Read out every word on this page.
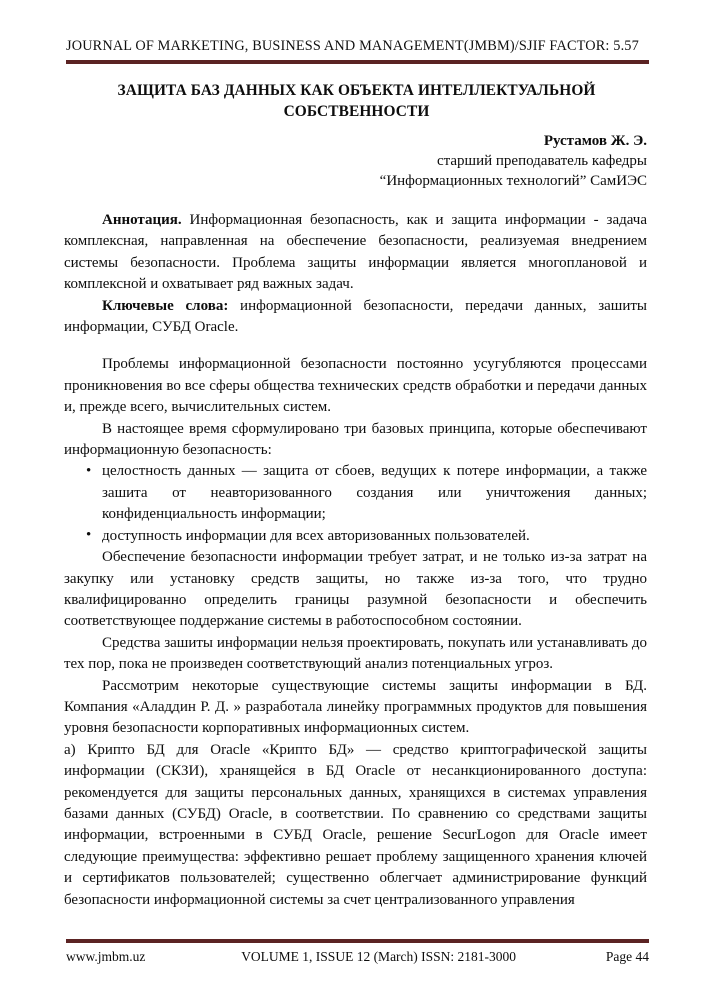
JOURNAL OF MARKETING, BUSINESS AND MANAGEMENT(JMBM)/SJIF FACTOR: 5.57
ЗАЩИТА БАЗ ДАННЫХ КАК ОБЪЕКТА ИНТЕЛЛЕКТУАЛЬНОЙ
СОБСТВЕННОСТИ
Рустамов Ж. Э.
старший преподаватель кафедры
“Информационных технологий” СамИЭС

Аннотация. Информационная безопасность, как и защита информации - задача комплексная, направленная на обеспечение безопасности, реализуемая внедрением системы безопасности. Проблема защиты информации является многоплановой и комплексной и охватывает ряд важных задач.

Ключевые слова: информационной безопасности, передачи данных, зашиты информации, СУБД Oracle.

Проблемы информационной безопасности постоянно усугубляются процессами проникновения во все сферы общества технических средств обработки и передачи данных и, прежде всего, вычислительных систем.

В настоящее время сформулировано три базовых принципа, которые обеспечивают информационную безопасность:

• целостность данных — защита от сбоев, ведущих к потере информации, а также зашита от неавторизованного создания или уничтожения данных; конфиденциальность информации;

• доступность информации для всех авторизованных пользователей.

Обеспечение безопасности информации требует затрат, и не только из-за затрат на закупку или установку средств защиты, но также из-за того, что трудно квалифицированно определить границы разумной безопасности и обеспечить соответствующее поддержание системы в работоспособном состоянии.

Средства зашиты информации нельзя проектировать, покупать или устанавливать до тех пор, пока не произведен соответствующий анализ потенциальных угроз.

Рассмотрим некоторые существующие системы защиты информации в БД. Компания «Аладдин Р. Д. » разработала линейку программных продуктов для повышения уровня безопасности корпоративных информационных систем.

а) Крипто БД для Oracle «Крипто БД» — средство криптографической защиты информации (СКЗИ), хранящейся в БД Oracle от несанкционированного доступа: рекомендуется для защиты персональных данных, хранящихся в системах управления базами данных (СУБД) Oracle, в соответствии. По сравнению со средствами защиты информации, встроенными в СУБД Oracle, решение SecurLogon для Oracle имеет следующие преимущества: эффективно решает проблему защищенного хранения ключей и сертификатов пользователей; существенно облегчает администрирование функций безопасности информационной системы за счет централизованного управления

www.jmbm.uz	VOLUME 1, ISSUE 12 (March) ISSN: 2181-3000	Page 44
